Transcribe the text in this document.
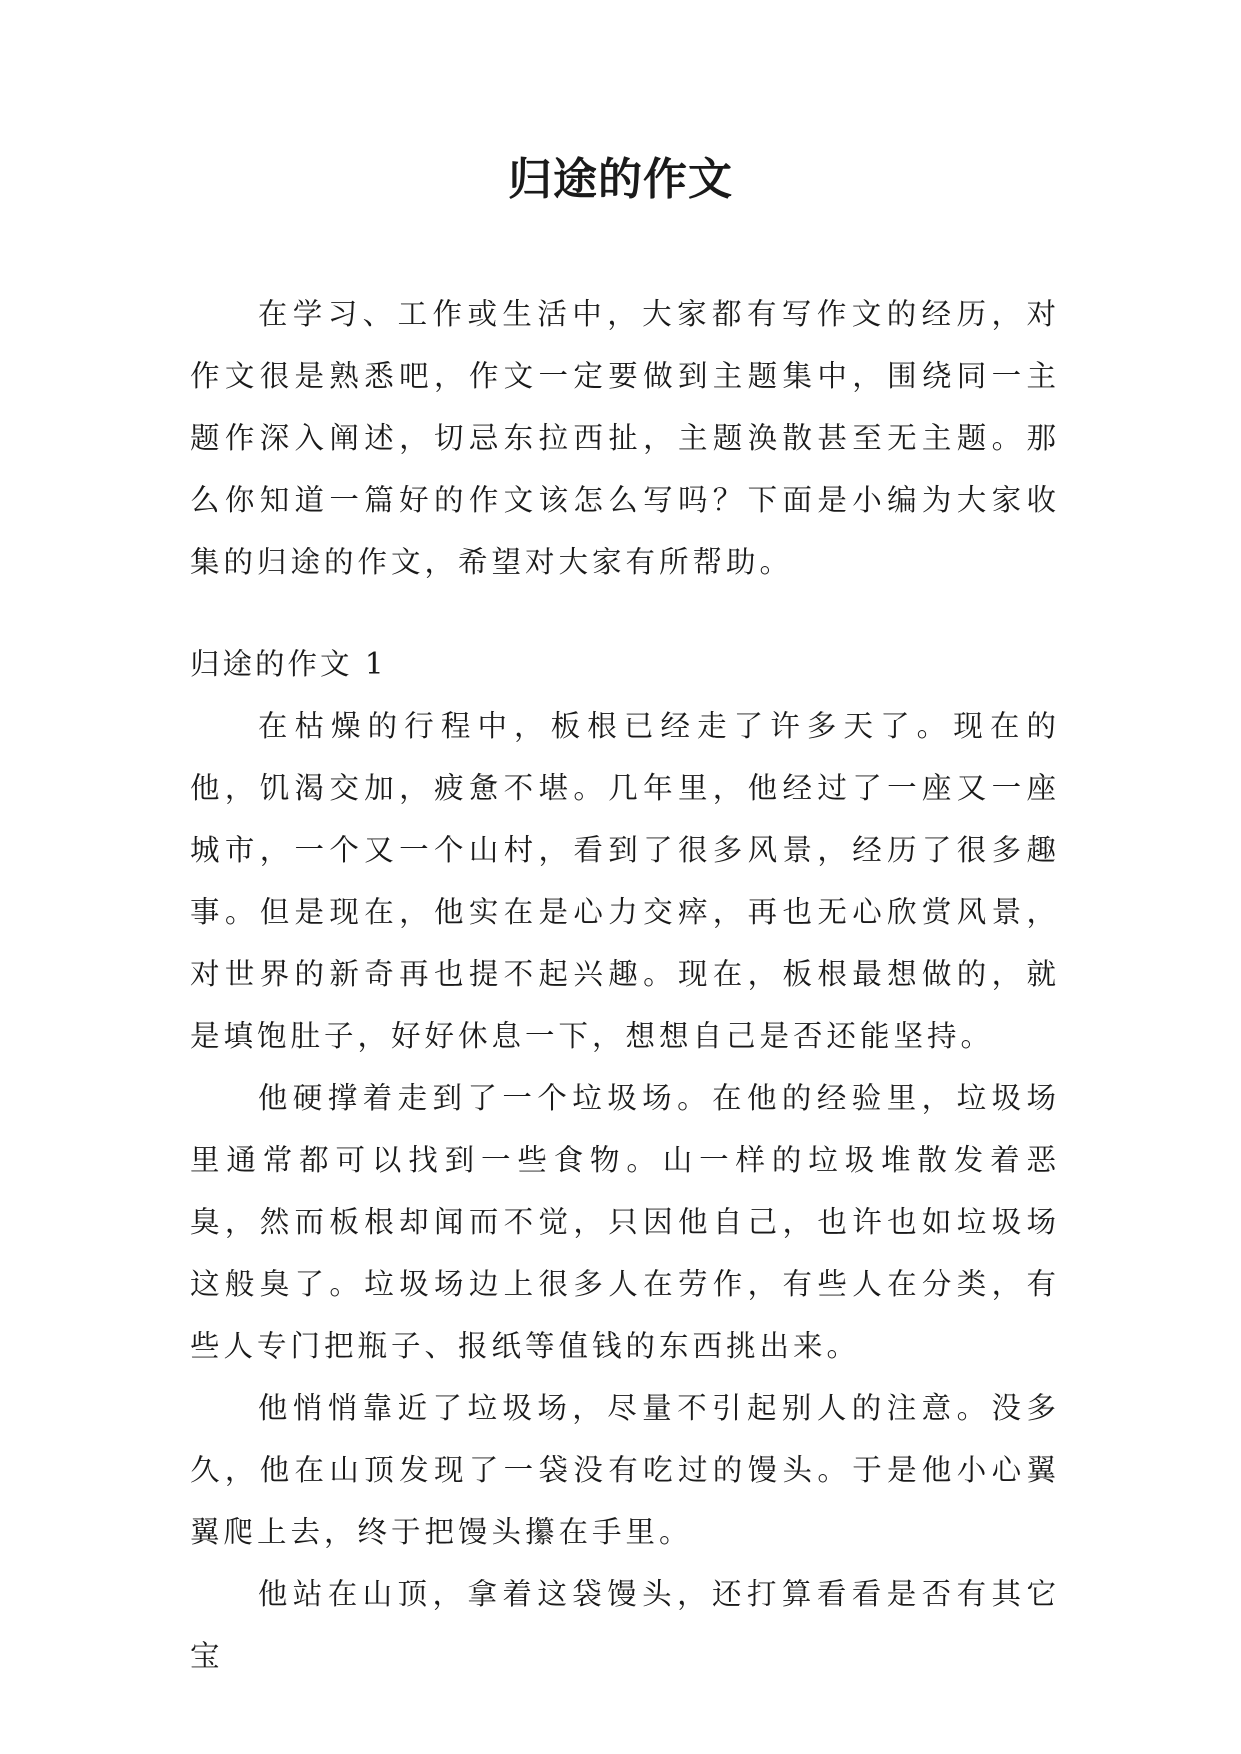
归途的作文

在学习、工作或生活中，大家都有写作文的经历，对作文很是熟悉吧，作文一定要做到主题集中，围绕同一主题作深入阐述，切忌东拉西扯，主题涣散甚至无主题。那么你知道一篇好的作文该怎么写吗？下面是小编为大家收集的归途的作文，希望对大家有所帮助。

归途的作文 1

在枯燥的行程中，板根已经走了许多天了。现在的他，饥渴交加，疲惫不堪。几年里，他经过了一座又一座城市，一个又一个山村，看到了很多风景，经历了很多趣事。但是现在，他实在是心力交瘁，再也无心欣赏风景，对世界的新奇再也提不起兴趣。现在，板根最想做的，就是填饱肚子，好好休息一下，想想自己是否还能坚持。

他硬撑着走到了一个垃圾场。在他的经验里，垃圾场里通常都可以找到一些食物。山一样的垃圾堆散发着恶臭，然而板根却闻而不觉，只因他自己，也许也如垃圾场这般臭了。垃圾场边上很多人在劳作，有些人在分类，有些人专门把瓶子、报纸等值钱的东西挑出来。

他悄悄靠近了垃圾场，尽量不引起别人的注意。没多久，他在山顶发现了一袋没有吃过的馒头。于是他小心翼翼爬上去，终于把馒头攥在手里。

他站在山顶，拿着这袋馒头，还打算看看是否有其它宝
